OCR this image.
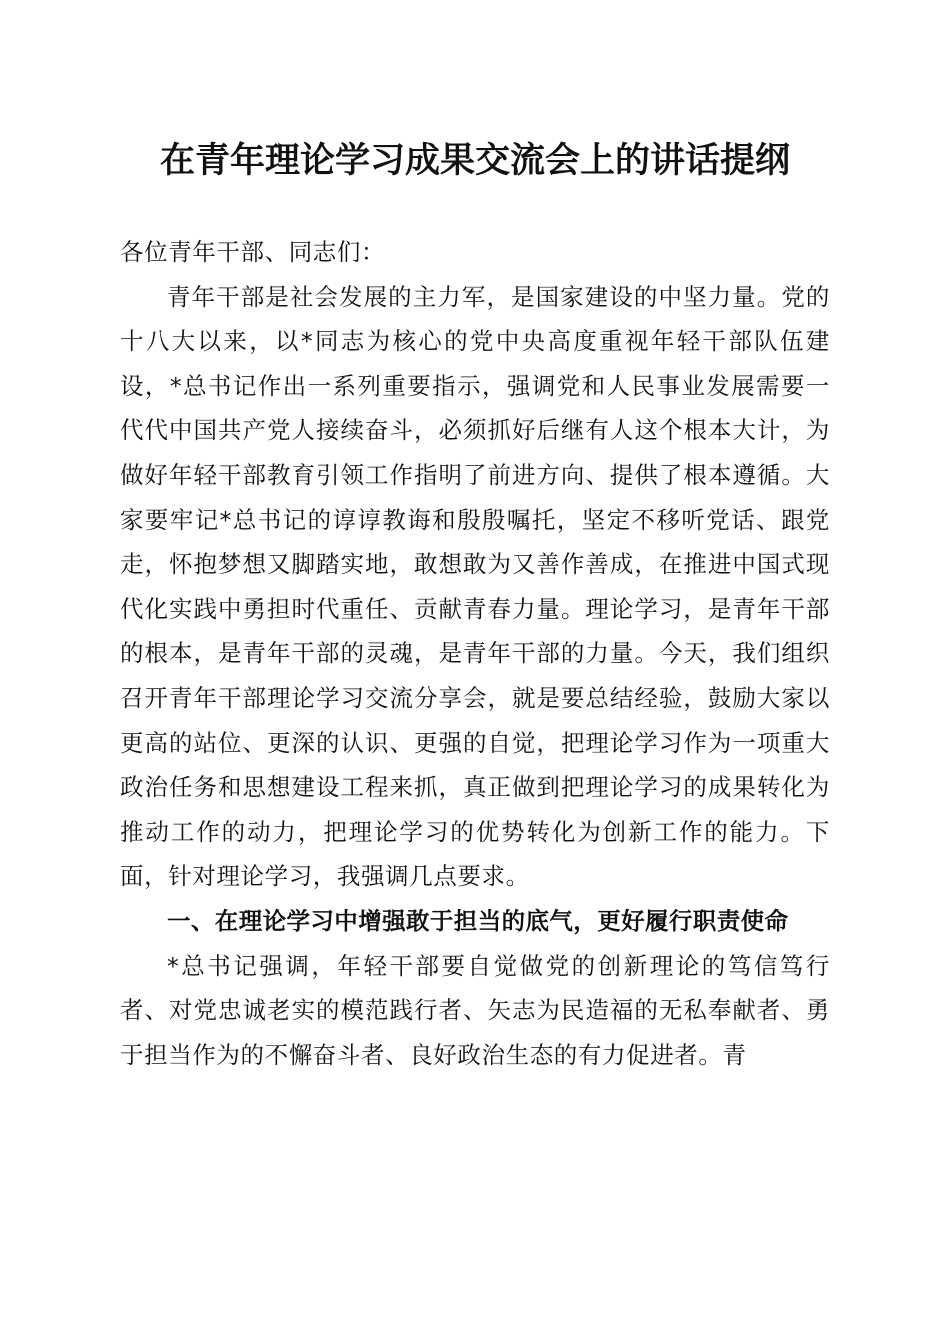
在青年理论学习成果交流会上的讲话提纲

各位青年干部、同志们：

青年干部是社会发展的主力军，是国家建设的中坚力量。党的十八大以来，以*同志为核心的党中央高度重视年轻干部队伍建设，*总书记作出一系列重要指示，强调党和人民事业发展需要一代代中国共产党人接续奋斗，必须抓好后继有人这个根本大计，为做好年轻干部教育引领工作指明了前进方向、提供了根本遵循。大家要牢记*总书记的谆谆教诲和殷殷嘱托，坚定不移听党话、跟党走，怀抱梦想又脚踏实地，敢想敢为又善作善成，在推进中国式现代化实践中勇担时代重任、贡献青春力量。理论学习，是青年干部的根本，是青年干部的灵魂，是青年干部的力量。今天，我们组织召开青年干部理论学习交流分享会，就是要总结经验，鼓励大家以更高的站位、更深的认识、更强的自觉，把理论学习作为一项重大政治任务和思想建设工程来抓，真正做到把理论学习的成果转化为推动工作的动力，把理论学习的优势转化为创新工作的能力。下面，针对理论学习，我强调几点要求。

一、在理论学习中增强敢于担当的底气，更好履行职责使命

*总书记强调，年轻干部要自觉做党的创新理论的笃信笃行者、对党忠诚老实的模范践行者、矢志为民造福的无私奉献者、勇于担当作为的不懈奋斗者、良好政治生态的有力促进者。青
